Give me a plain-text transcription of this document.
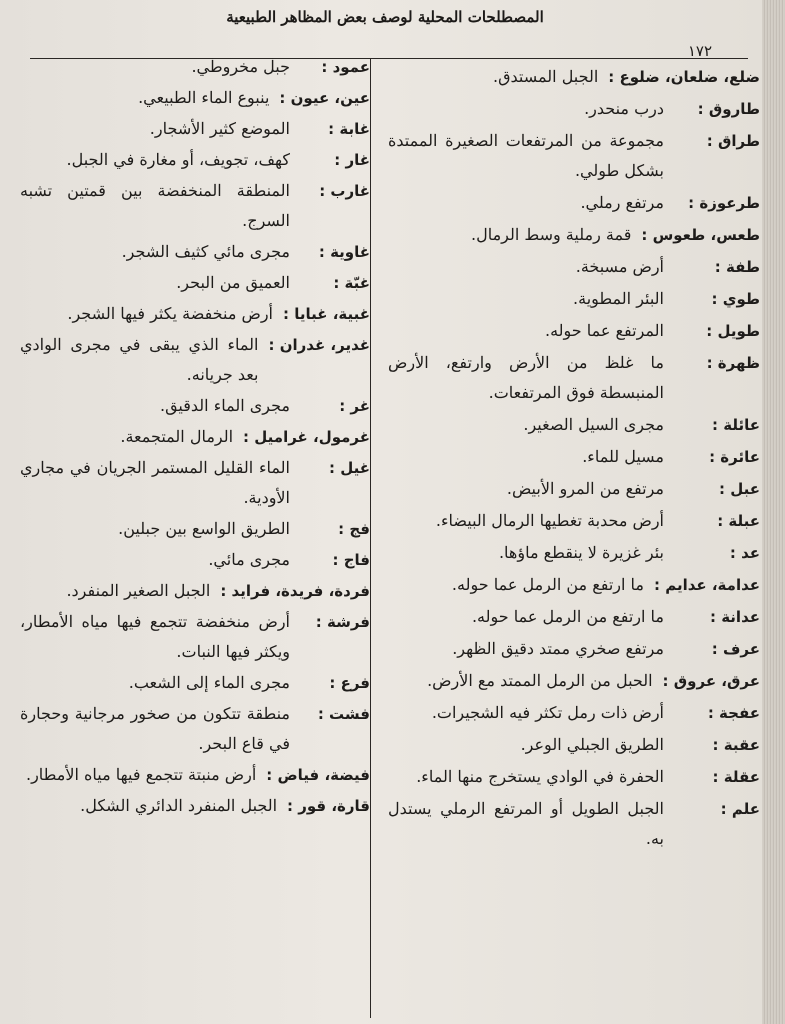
المصطلحات المحلية لوصف بعض المظاهر الطبيعية
١٧٢
ضلع، ضلعان، ضلوع :
الجبل المستدق.
طاروق :
درب منحدر.
طراق :
مجموعة من المرتفعات الصغيرة الممتدة بشكل طولي.
طرعوزة :
مرتفع رملي.
طعس، طعوس :
قمة رملية وسط الرمال.
طفة :
أرض مسبخة.
طوي :
البئر المطوية.
طويل :
المرتفع عما حوله.
ظهرة :
ما غلظ من الأرض وارتفع، الأرض المنبسطة فوق المرتفعات.
عائلة :
مجرى السيل الصغير.
عائرة :
مسيل للماء.
عبل :
مرتفع من المرو الأبيض.
عبلة :
أرض محدبة تغطيها الرمال البيضاء.
عد :
بئر غزيرة لا ينقطع ماؤها.
عدامة، عدايم :
ما ارتفع من الرمل عما حوله.
عدانة :
ما ارتفع من الرمل عما حوله.
عرف :
مرتفع صخري ممتد دقيق الظهر.
عرق، عروق :
الحبل من الرمل الممتد مع الأرض.
عفجة :
أرض ذات رمل تكثر فيه الشجيرات.
عقبة :
الطريق الجبلي الوعر.
عقلة :
الحفرة في الوادي يستخرج منها الماء.
علم :
الجبل الطويل أو المرتفع الرملي يستدل به.
عمود :
جبل مخروطي.
عين، عيون :
ينبوع الماء الطبيعي.
غابة :
الموضع كثير الأشجار.
غار :
كهف، تجويف، أو مغارة في الجبل.
غارب :
المنطقة المنخفضة بين قمتين تشبه السرج.
غاوية :
مجرى مائي كثيف الشجر.
غبّة :
العميق من البحر.
غبية، غبايا :
أرض منخفضة يكثر فيها الشجر.
غدير، غدران :
الماء الذي يبقى في مجرى الوادي بعد جريانه.
غر :
مجرى الماء الدقيق.
غرمول، غراميل :
الرمال المتجمعة.
غيل :
الماء القليل المستمر الجريان في مجاري الأودية.
فج :
الطريق الواسع بين جبلين.
فاج :
مجرى مائي.
فردة، فريدة، فرايد :
الجبل الصغير المنفرد.
فرشة :
أرض منخفضة تتجمع فيها مياه الأمطار، ويكثر فيها النبات.
فرع :
مجرى الماء إلى الشعب.
فشت :
منطقة تتكون من صخور مرجانية وحجارة في قاع البحر.
فيضة، فياض :
أرض منبتة تتجمع فيها مياه الأمطار.
قارة، قور :
الجبل المنفرد الدائري الشكل.
